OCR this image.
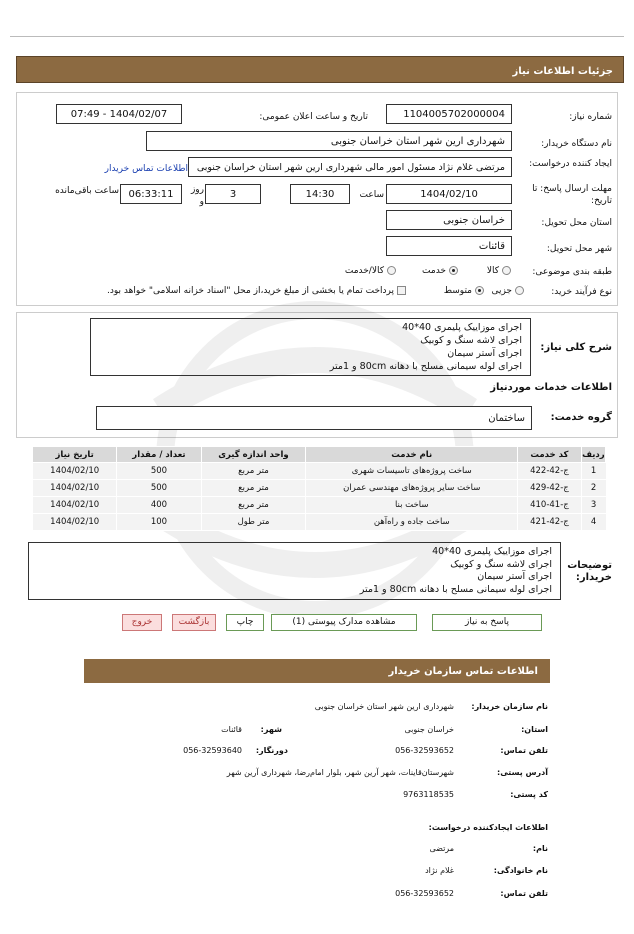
جزئیات اطلاعات نیاز
شماره نیاز:
1104005702000004
تاریخ و ساعت اعلان عمومی:
1404/02/07 - 07:49
نام دستگاه خریدار:
شهرداری ارین شهر استان خراسان جنوبی
ایجاد کننده درخواست:
مرتضی غلام نژاد مسئول امور مالی شهرداری ارین شهر استان خراسان جنوبی
اطلاعات تماس خریدار
مهلت ارسال پاسخ: تا تاریخ:
1404/02/10
ساعت
14:30
3
روز و
06:33:11
ساعت باقی‌مانده
استان محل تحویل:
خراسان جنوبی
شهر محل تحویل:
قائنات
طبقه بندی موضوعی:
کالا
خدمت
کالا/خدمت
نوع فرآیند خرید:
جزیی
متوسط
پرداخت تمام یا بخشی از مبلغ خرید،از محل "اسناد خزانه اسلامی" خواهد بود.
شرح کلی نیاز:
اجرای موزاییک پلیمری 40*40
اجرای لاشه سنگ و کوبیک
اجرای آستر سیمان
اجرای لوله سیمانی مسلح با دهانه 80cm و 1متر
اطلاعات خدمات موردنیاز
گروه خدمت:
ساختمان
ردیف	کد خدمت	نام خدمت	واحد اندازه گیری	تعداد / مقدار	تاریخ نیاز
1	ج-42-422	ساخت پروژه‌های تاسیسات شهری	متر مربع	500	1404/02/10
2	ج-42-429	ساخت سایر پروژه‌های مهندسی عمران	متر مربع	500	1404/02/10
3	ج-41-410	ساخت بنا	متر مربع	400	1404/02/10
4	ج-42-421	ساخت جاده و راه‌آهن	متر طول	100	1404/02/10
توضیحات خریدار:
اجرای موزاییک پلیمری 40*40
اجرای لاشه سنگ و کوبیک
اجرای آستر سیمان
اجرای لوله سیمانی مسلح با دهانه 80cm و 1متر
پاسخ به نیاز
مشاهده مدارک پیوستی (1)
چاپ
بازگشت
خروج
اطلاعات تماس سازمان خریدار
نام سازمان خریدار:
شهرداری ارین شهر استان خراسان جنوبی
استان:
خراسان جنوبی
شهر:
قائنات
تلفن تماس:
056-32593652
دورنگار:
056-32593640
آدرس پستی:
شهرستان‌قاینات، شهر آرین شهر، بلوار امام‌رضا، شهرداری آرین شهر
کد پستی:
9763118535
اطلاعات ایجادکننده درخواست:
نام:
مرتضی
نام خانوادگی:
غلام نژاد
تلفن تماس:
056-32593652
